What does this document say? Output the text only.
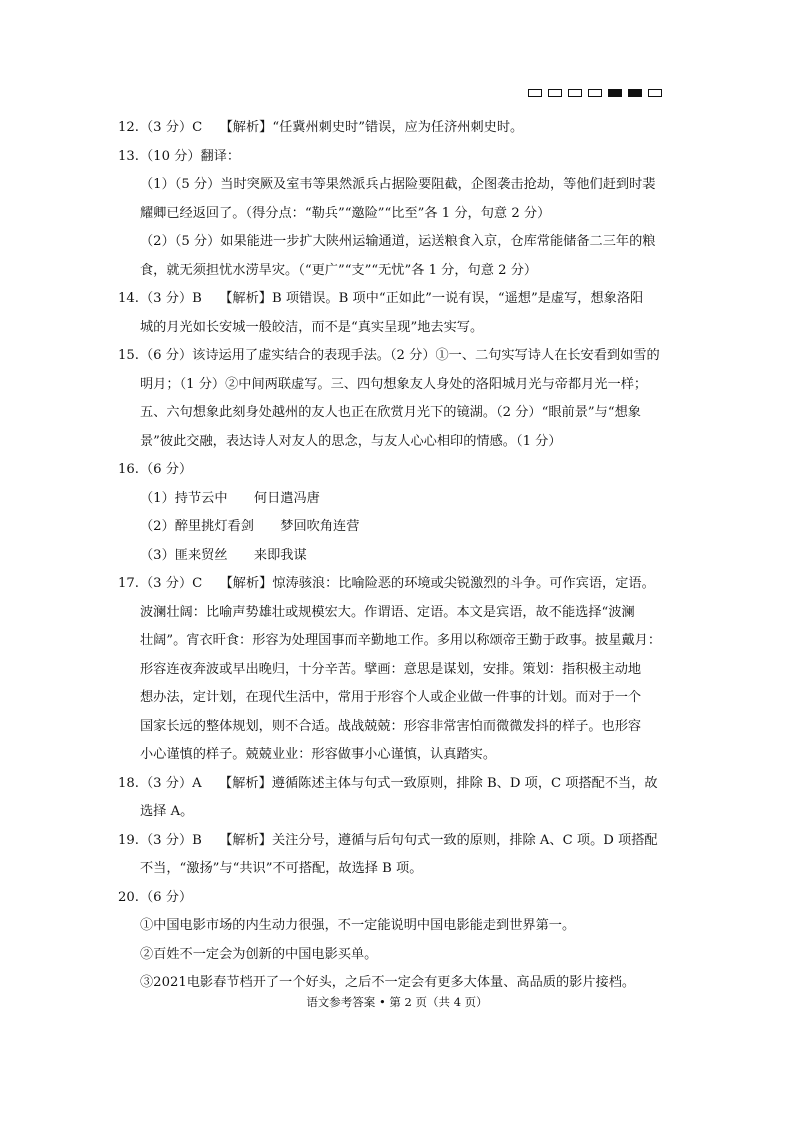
12. （3 分）C　 【解析】“任冀州刺史时”错误，应为任济州刺史时。
13. （10 分）翻译：
（1）（5 分）当时突厥及室韦等果然派兵占据险要阻截，企图袭击抢劫，等他们赶到时裴
耀卿已经返回了。（得分点：“勒兵”“邀险”“比至”各 1 分，句意 2 分）
（2）（5 分）如果能进一步扩大陕州运输通道，运送粮食入京，仓库常能储备二三年的粮
食，就无须担忧水涝旱灾。（“更广”“支”“无忧”各 1 分，句意 2 分）
14. （3 分）B　 【解析】B 项错误。B 项中“正如此”一说有误，“遥想”是虚写，想象洛阳
城的月光如长安城一般皎洁，而不是“真实呈现”地去实写。
15. （6 分）该诗运用了虚实结合的表现手法。（2 分）①一、二句实写诗人在长安看到如雪的
明月；（1 分）②中间两联虚写。三、四句想象友人身处的洛阳城月光与帝都月光一样；
五、六句想象此刻身处越州的友人也正在欣赏月光下的镜湖。（2 分）“眼前景”与“想象
景”彼此交融，表达诗人对友人的思念，与友人心心相印的情感。（1 分）
16. （6 分）
（1）持节云中　　何日遣冯唐
（2）醉里挑灯看剑　　梦回吹角连营
（3）匪来贸丝　　来即我谋
17. （3 分）C　 【解析】惊涛骇浪：比喻险恶的环境或尖锐激烈的斗争。可作宾语，定语。
波澜壮阔：比喻声势雄壮或规模宏大。作谓语、定语。本文是宾语，故不能选择“波澜
壮阔”。宵衣旰食：形容为处理国事而辛勤地工作。多用以称颂帝王勤于政事。披星戴月：
形容连夜奔波或早出晚归，十分辛苦。擘画：意思是谋划，安排。策划：指积极主动地
想办法，定计划，在现代生活中，常用于形容个人或企业做一件事的计划。而对于一个
国家长远的整体规划，则不合适。战战兢兢：形容非常害怕而微微发抖的样子。也形容
小心谨慎的样子。兢兢业业：形容做事小心谨慎，认真踏实。
18. （3 分）A　 【解析】遵循陈述主体与句式一致原则，排除 B、D 项，C 项搭配不当，故
选择 A。
19. （3 分）B　 【解析】关注分号，遵循与后句句式一致的原则，排除 A、C 项。D 项搭配
不当，“激扬”与“共识”不可搭配，故选择 B 项。
20. （6 分）
①中国电影市场的内生动力很强，不一定能说明中国电影能走到世界第一。
②百姓不一定会为创新的中国电影买单。
③2021电影春节档开了一个好头，之后不一定会有更多大体量、高品质的影片接档。
语文参考答案 • 第 2 页（共 4 页）
